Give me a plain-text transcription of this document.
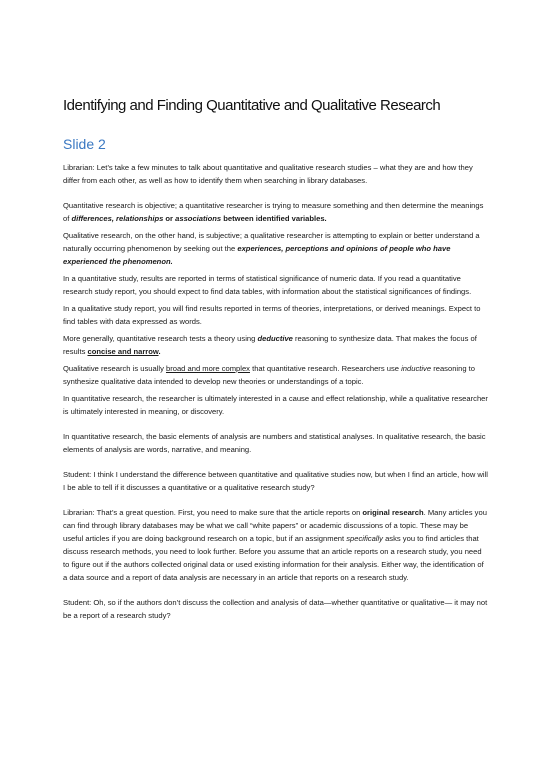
Identifying and Finding Quantitative and Qualitative Research
Slide 2

Librarian: Let’s take a few minutes to talk about quantitative and qualitative research studies – what they are and how they differ from each other, as well as how to identify them when searching in library databases.

Quantitative research is objective; a quantitative researcher is trying to measure something and then determine the meanings of differences, relationships or associations between identified variables.

Qualitative research, on the other hand, is subjective; a qualitative researcher is attempting to explain or better understand a naturally occurring phenomenon by seeking out the experiences, perceptions and opinions of people who have experienced the phenomenon.

In a quantitative study, results are reported in terms of statistical significance of numeric data. If you read a quantitative research study report, you should expect to find data tables, with information about the statistical significances of findings.

In a qualitative study report, you will find results reported in terms of theories, interpretations, or derived meanings. Expect to find tables with data expressed as words.

More generally, quantitative research tests a theory using deductive reasoning to synthesize data. That makes the focus of results concise and narrow.

Qualitative research is usually broad and more complex that quantitative research. Researchers use inductive reasoning to synthesize qualitative data intended to develop new theories or understandings of a topic.

In quantitative research, the researcher is ultimately interested in a cause and effect relationship, while a qualitative researcher is ultimately interested in meaning, or discovery.

In quantitative research, the basic elements of analysis are numbers and statistical analyses. In qualitative research, the basic elements of analysis are words, narrative, and meaning.

Student: I think I understand the difference between quantitative and qualitative studies now, but when I find an article, how will I be able to tell if it discusses a quantitative or a qualitative research study?

Librarian: That’s a great question. First, you need to make sure that the article reports on original research. Many articles you can find through library databases may be what we call “white papers” or academic discussions of a topic. These may be useful articles if you are doing background research on a topic, but if an assignment specifically asks you to find articles that discuss research methods, you need to look further. Before you assume that an article reports on a research study, you need to figure out if the authors collected original data or used existing information for their analysis. Either way, the identification of a data source and a report of data analysis are necessary in an article that reports on a research study.

Student: Oh, so if the authors don’t discuss the collection and analysis of data—whether quantitative or qualitative— it may not be a report of a research study?
